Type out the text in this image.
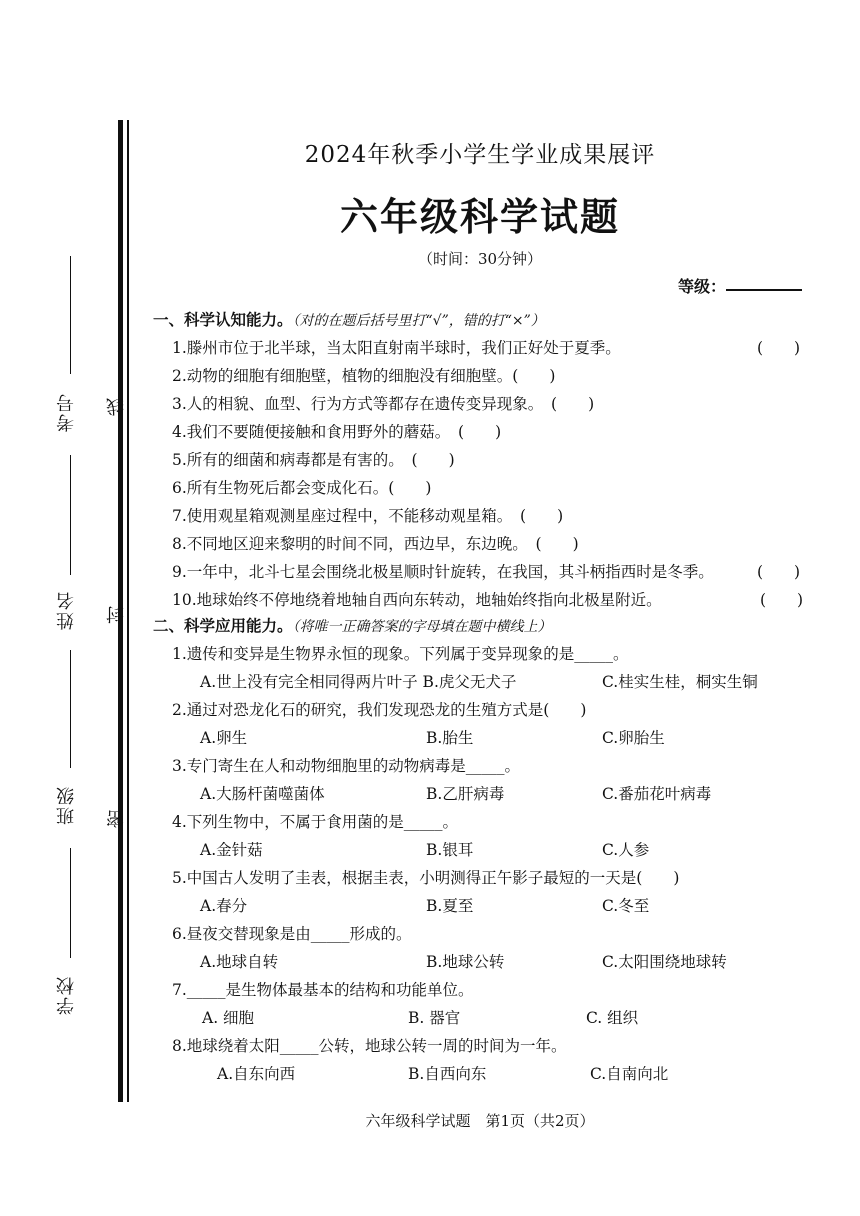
考号
姓名
班级
学校
线
封
密
2024年秋季小学生学业成果展评
六年级科学试题
（时间：30分钟）
等级：
一、科学认知能力。（对的在题后括号里打“√”，错的打“×”）
1.滕州市位于北半球，当太阳直射南半球时，我们正好处于夏季。	(　　)
2.动物的细胞有细胞壁，植物的细胞没有细胞壁。(　　)
3.人的相貌、血型、行为方式等都存在遗传变异现象。　(　　)
4.我们不要随便接触和食用野外的蘑菇。　(　　)
5.所有的细菌和病毒都是有害的。　(　　)
6.所有生物死后都会变成化石。(　　)
7.使用观星箱观测星座过程中，不能移动观星箱。　(　　)
8.不同地区迎来黎明的时间不同，西边早，东边晚。　(　　)
9.一年中，北斗七星会围绕北极星顺时针旋转，在我国，其斗柄指西时是冬季。	(　　)
10.地球始终不停地绕着地轴自西向东转动，地轴始终指向北极星附近。	(　　)
二、科学应用能力。（将唯一正确答案的字母填在题中横线上）
1.遗传和变异是生物界永恒的现象。下列属于变异现象的是_____。
A.世上没有完全相同得两片叶子 B.虎父无犬子	C.桂实生桂，桐实生铜
2.通过对恐龙化石的研究，我们发现恐龙的生殖方式是(　　)
A.卵生	B.胎生	C.卵胎生
3.专门寄生在人和动物细胞里的动物病毒是_____。
A.大肠杆菌噬菌体	B.乙肝病毒	C.番茄花叶病毒
4.下列生物中，不属于食用菌的是_____。
A.金针菇	B.银耳	C.人参
5.中国古人发明了圭表，根据圭表，小明测得正午影子最短的一天是(　　)
A.春分	B.夏至	C.冬至
6.昼夜交替现象是由_____形成的。
A.地球自转	B.地球公转	C.太阳围绕地球转
7._____是生物体最基本的结构和功能单位。
A. 细胞	B. 器官	C. 组织
8.地球绕着太阳_____公转，地球公转一周的时间为一年。
A.自东向西	B.自西向东	C.自南向北
六年级科学试题　第1页（共2页）
